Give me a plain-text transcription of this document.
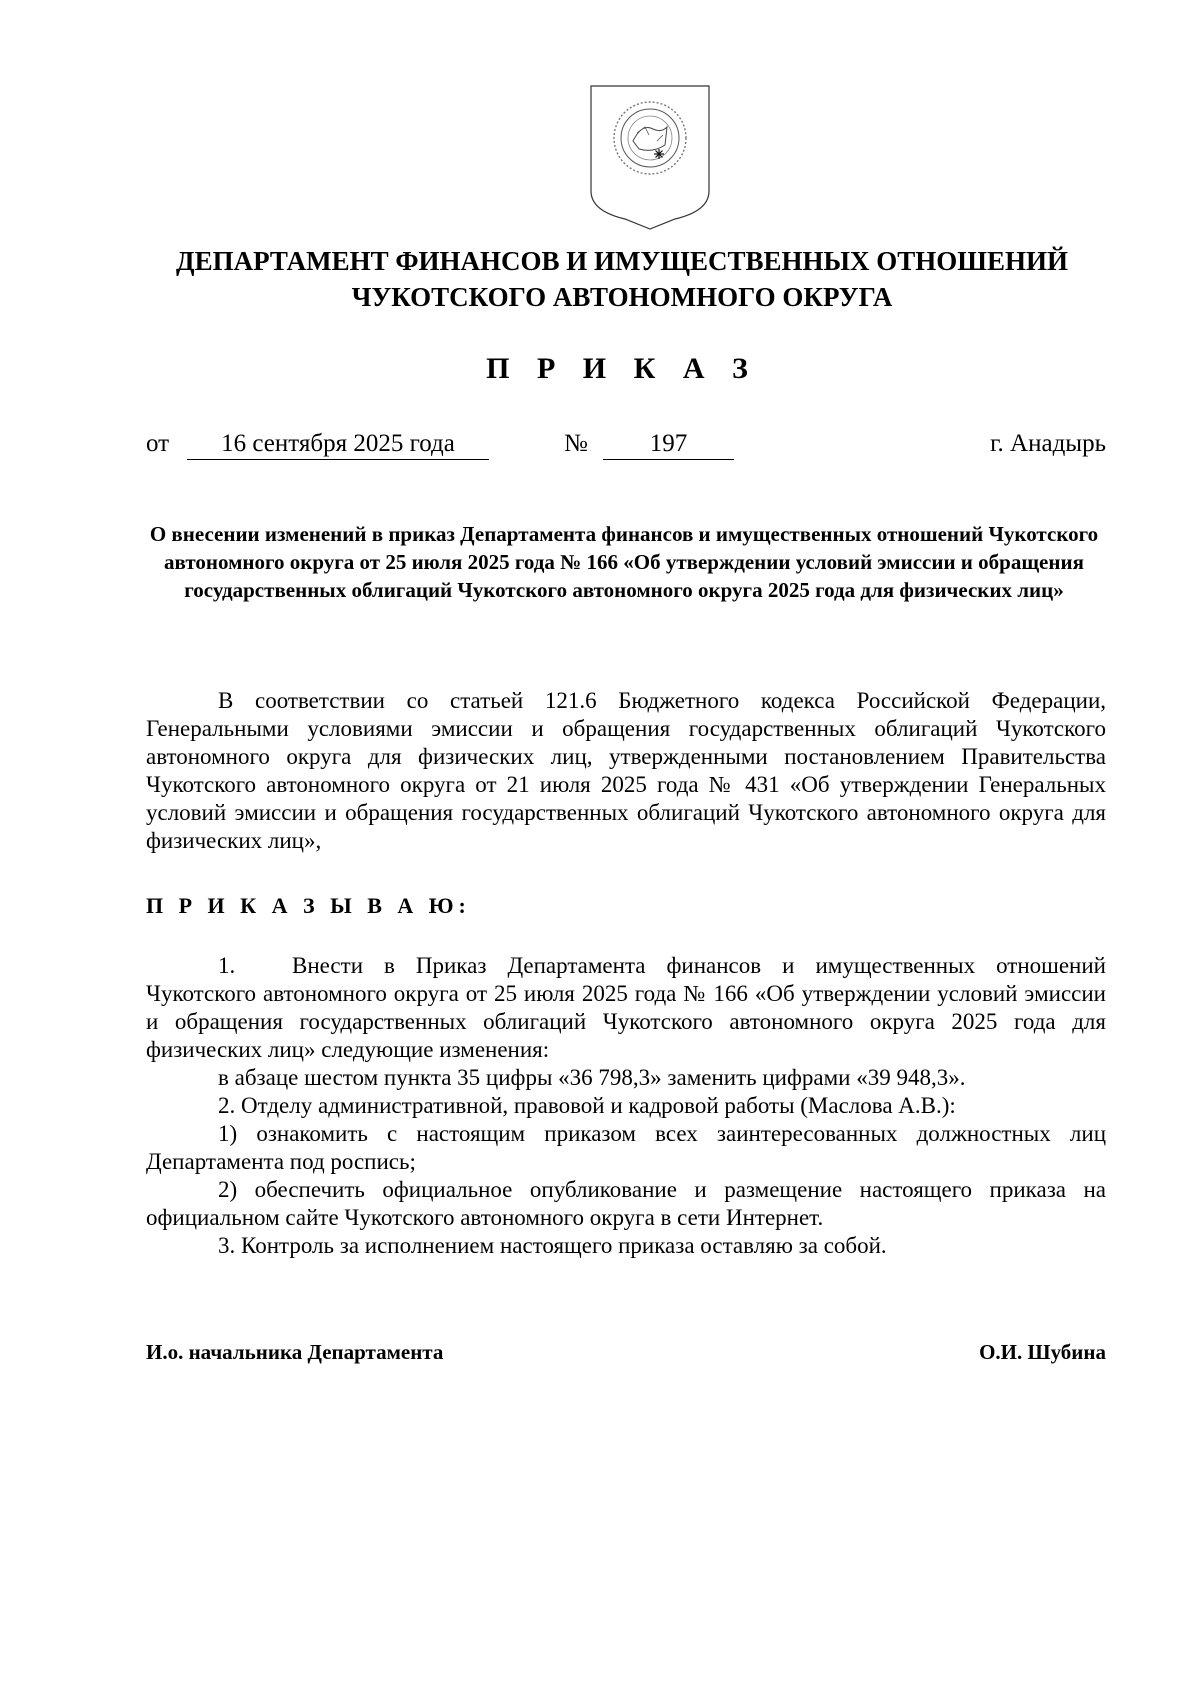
ДЕПАРТАМЕНТ ФИНАНСОВ И ИМУЩЕСТВЕННЫХ ОТНОШЕНИЙ
ЧУКОТСКОГО АВТОНОМНОГО ОКРУГА
П Р И К А З
от	16 сентября 2025 года	№	197	г. Анадырь
О внесении изменений в приказ Департамента финансов и имущественных отношений Чукотского автономного округа от 25 июля 2025 года № 166 «Об утверждении условий эмиссии и обращения государственных облигаций Чукотского автономного округа 2025 года для физических лиц»
В соответствии со статьей 121.6 Бюджетного кодекса Российской Федерации, Генеральными условиями эмиссии и обращения государственных облигаций Чукотского автономного округа для физических лиц, утвержденными постановлением Правительства Чукотского автономного округа от 21 июля 2025 года № 431 «Об утверждении Генеральных условий эмиссии и обращения государственных облигаций Чукотского автономного округа для физических лиц»,
П Р И К А З Ы В А Ю:

1. Внести в Приказ Департамента финансов и имущественных отношений Чукотского автономного округа от 25 июля 2025 года № 166 «Об утверждении условий эмиссии и обращения государственных облигаций Чукотского автономного округа 2025 года для физических лиц» следующие изменения:

в абзаце шестом пункта 35 цифры «36 798,3» заменить цифрами «39 948,3».

2. Отделу административной, правовой и кадровой работы (Маслова А.В.):

1) ознакомить с настоящим приказом всех заинтересованных должностных лиц Департамента под роспись;

2) обеспечить официальное опубликование и размещение настоящего приказа на официальном сайте Чукотского автономного округа в сети Интернет.

3. Контроль за исполнением настоящего приказа оставляю за собой.

И.о. начальника Департамента	О.И. Шубина
